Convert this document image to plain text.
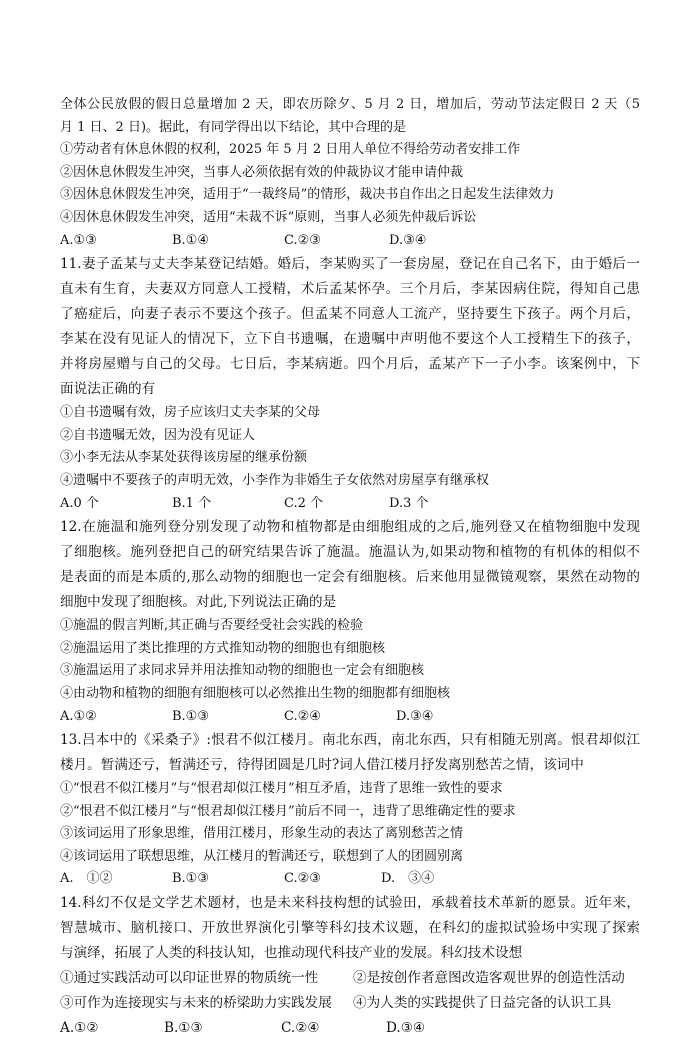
全体公民放假的假日总量增加 2 天，即农历除夕、5 月 2 日，增加后，劳动节法定假日 2 天（5
月 1 日、2 日)。据此，有同学得出以下结论，其中合理的是
①劳动者有休息休假的权利，2025 年 5 月 2 日用人单位不得给劳动者安排工作
②因休息休假发生冲突，当事人必须依据有效的仲裁协议才能申请仲裁
③因休息休假发生冲突，适用于“一裁终局”的情形，裁决书自作出之日起发生法律效力
④因休息休假发生冲突，适用“未裁不诉”原则，当事人必须先仲裁后诉讼
A.①③	B.①④	C.②③	D.③④
11.妻子孟某与丈夫李某登记结婚。婚后，李某购买了一套房屋，登记在自己名下，由于婚后一
直未有生育，夫妻双方同意人工授精，术后孟某怀孕。三个月后，李某因病住院，得知自己患
了癌症后，向妻子表示不要这个孩子。但孟某不同意人工流产，坚持要生下孩子。两个月后，
李某在没有见证人的情况下，立下自书遗嘱，在遗嘱中声明他不要这个人工授精生下的孩子，
并将房屋赠与自己的父母。七日后，李某病逝。四个月后，孟某产下一子小李。该案例中，下
面说法正确的有
①自书遗嘱有效，房子应该归丈夫李某的父母
②自书遗嘱无效，因为没有见证人
③小李无法从李某处获得该房屋的继承份额
④遗嘱中不要孩子的声明无效，小李作为非婚生子女依然对房屋享有继承权
A.0 个	B.1 个	C.2 个	D.3 个
12.在施温和施列登分别发现了动物和植物都是由细胞组成的之后,施列登又在植物细胞中发现
了细胞核。施列登把自己的研究结果告诉了施温。施温认为,如果动物和植物的有机体的相似不
是表面的而是本质的,那么动物的细胞也一定会有细胞核。后来他用显微镜观察，果然在动物的
细胞中发现了细胞核。对此,下列说法正确的是
①施温的假言判断,其正确与否要经受社会实践的检验
②施温运用了类比推理的方式推知动物的细胞也有细胞核
③施温运用了求同求异并用法推知动物的细胞也一定会有细胞核
④由动物和植物的细胞有细胞核可以必然推出生物的细胞都有细胞核
A.①②	B.①③	C.②④	D.③④
13.吕本中的《采桑子》:恨君不似江楼月。南北东西，南北东西，只有相随无别离。恨君却似江
楼月。暂满还亏，暂满还亏，待得团圆是几时?词人借江楼月抒发离别愁苦之情，该词中
①“恨君不似江楼月”与“恨君却似江楼月”相互矛盾，违背了思维一致性的要求
②“恨君不似江楼月”与“恨君却似江楼月”前后不同一，违背了思维确定性的要求
③该词运用了形象思维，借用江楼月，形象生动的表达了离别愁苦之情
④该词运用了联想思维，从江楼月的暂满还亏，联想到了人的团圆别离
A.　①②	B.①③	C.②③	D.　③④
14.科幻不仅是文学艺术题材，也是未来科技构想的试验田，承载着技术革新的愿景。近年来，
智慧城市、脑机接口、开放世界演化引擎等科幻技术议题，在科幻的虚拟试验场中实现了探索
与演绎，拓展了人类的科技认知，也推动现代科技产业的发展。科幻技术设想
①通过实践活动可以印证世界的物质统一性	②是按创作者意图改造客观世界的创造性活动
③可作为连接现实与未来的桥梁助力实践发展	④为人类的实践提供了日益完备的认识工具
A.①②	B.①③	C.②④	D.③④
